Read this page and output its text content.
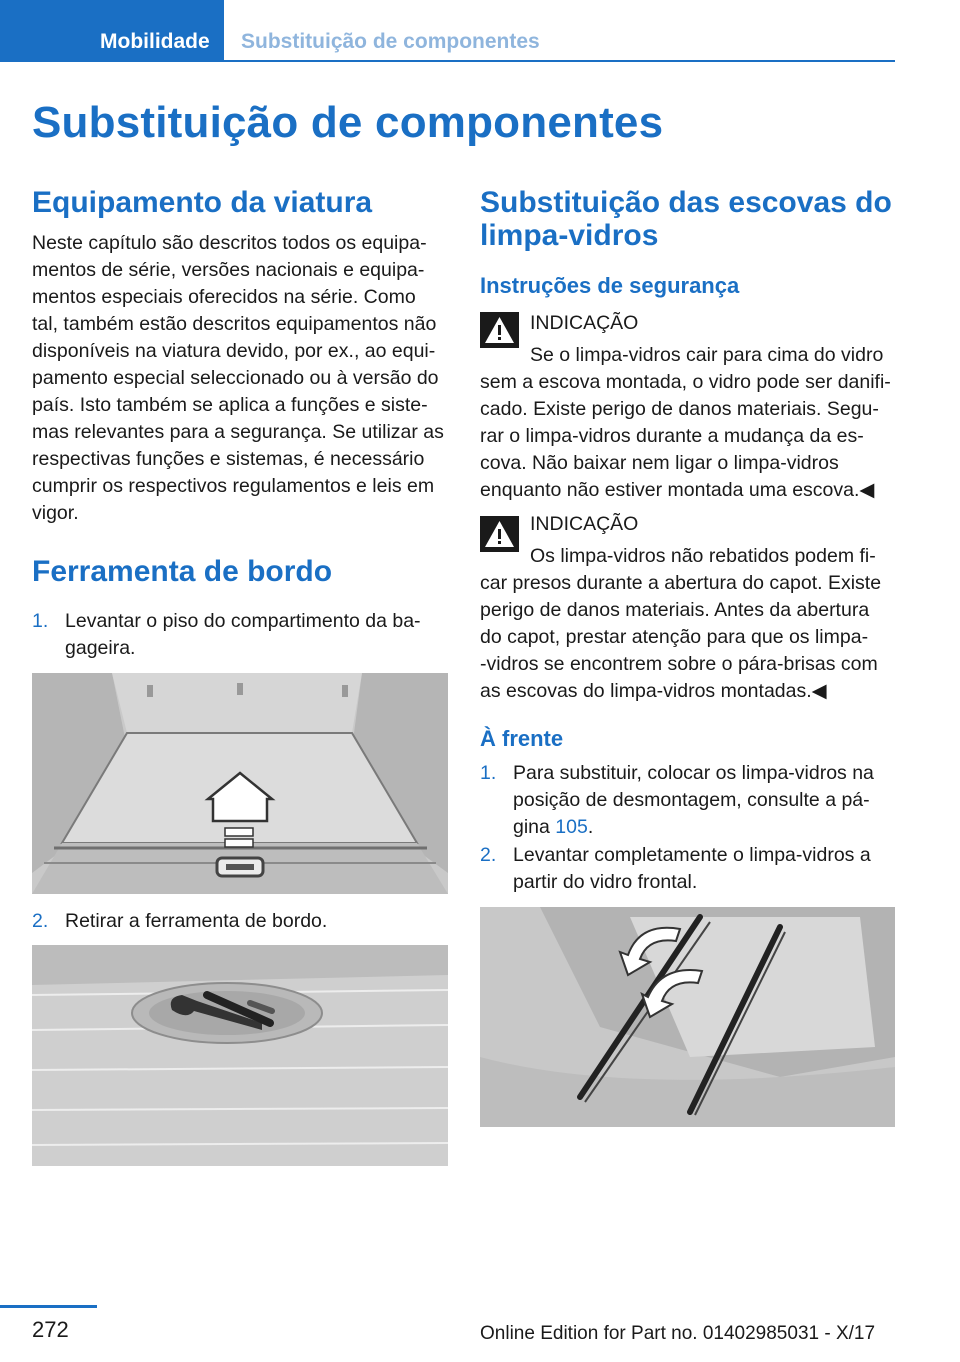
Mobilidade Substituição de componentes
Substituição de componentes
Equipamento da viatura
Neste capítulo são descritos todos os equipa‐
mentos de série, versões nacionais e equipa‐
mentos especiais oferecidos na série. Como
tal, também estão descritos equipamentos não
disponíveis na viatura devido, por ex., ao equi‐
pamento especial seleccionado ou à versão do
país. Isto também se aplica a funções e siste‐
mas relevantes para a segurança. Se utilizar as
respectivas funções e sistemas, é necessário
cumprir os respectivos regulamentos e leis em
vigor.
Ferramenta de bordo
1. Levantar o piso do compartimento da ba‐
gageira.
2. Retirar a ferramenta de bordo.
Substituição das escovas do
limpa-vidros
Instruções de segurança
INDICAÇÃO
Se o limpa-vidros cair para cima do vidro
sem a escova montada, o vidro pode ser danifi‐
cado. Existe perigo de danos materiais. Segu‐
rar o limpa-vidros durante a mudança da es‐
cova. Não baixar nem ligar o limpa-vidros
enquanto não estiver montada uma escova.◀
INDICAÇÃO
Os limpa-vidros não rebatidos podem fi‐
car presos durante a abertura do capot. Existe
perigo de danos materiais. Antes da abertura
do capot, prestar atenção para que os limpa-
-vidros se encontrem sobre o pára-brisas com
as escovas do limpa-vidros montadas.◀
À frente
1. Para substituir, colocar os limpa-vidros na
posição de desmontagem, consulte a pá‐
gina 105.
2. Levantar completamente o limpa-vidros a
partir do vidro frontal.
272	Online Edition for Part no. 01402985031 - X/17
